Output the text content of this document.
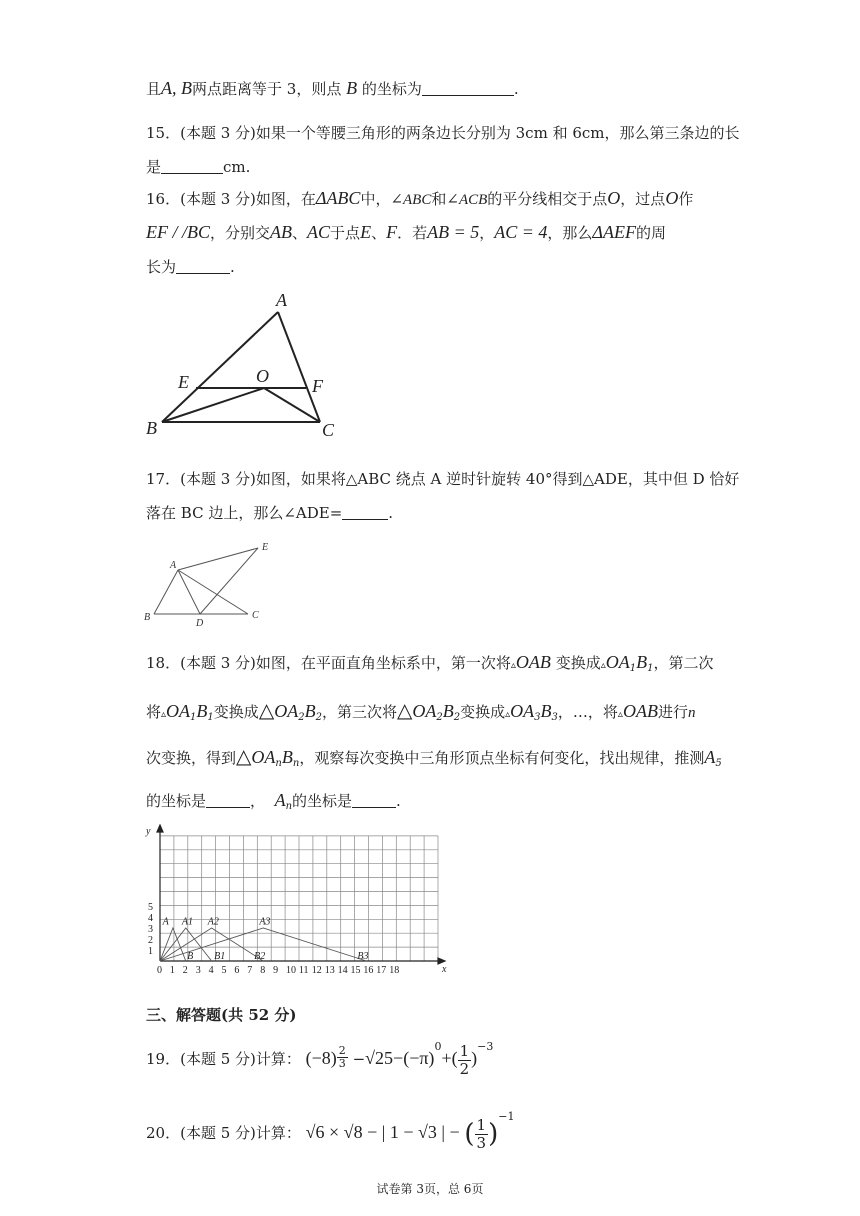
且A, B两点距离等于 3，则点 B 的坐标为	.
15．(本题 3 分)如果一个等腰三角形的两条边长分别为 3cm 和 6cm，那么第三条边的长
是	cm.
16．(本题 3 分)如图，在ΔABC中，∠ABC和∠ACB的平分线相交于点O，过点O作
EF / /BC，分别交AB、AC于点E、F．若AB = 5，AC = 4，那么ΔAEF的周
长为	.
A
B	C
E	F
O
17．(本题 3 分)如图，如果将△ABC 绕点 A 逆时针旋转 40°得到△ADE，其中但 D 恰好
落在 BC 边上，那么∠ADE=	.
A
B	C
D
E
18．(本题 3 分)如图，在平面直角坐标系中，第一次将▵OAB 变换成$▵OA_1B_1$，第二次
将$▵OA_1B_1$变换成$\triangle OA_2B_2$，第三次将$\triangle OA_2B_2$变换成$▵OA_3B_3$，…，将▵OAB进行n
次变换，得到$\triangle OA_nB_n$，观察每次变换中三角形顶点坐标有何变化，找出规律，推测$A_5$
的坐标是	， $A_n$的坐标是	.
0 1 2 3 4 5 6 7 8 9 10 11 12 13 14 15 16 17 18
1
2
3
4
5
y
x
A A1 A2	A3
B B1	B2	B3
三、解答题(共 52 分)
19．(本题 5 分)计算： $(-8) \frac{2}{3} -√25-(-\pi)^0+( \frac{1}{2} )^{-3}$
20．(本题 5 分)计算： √6 × √8 − | 1 − √3 | − ( $\frac{1}{3} )^{-1}$
试卷第 3页，总 6页
